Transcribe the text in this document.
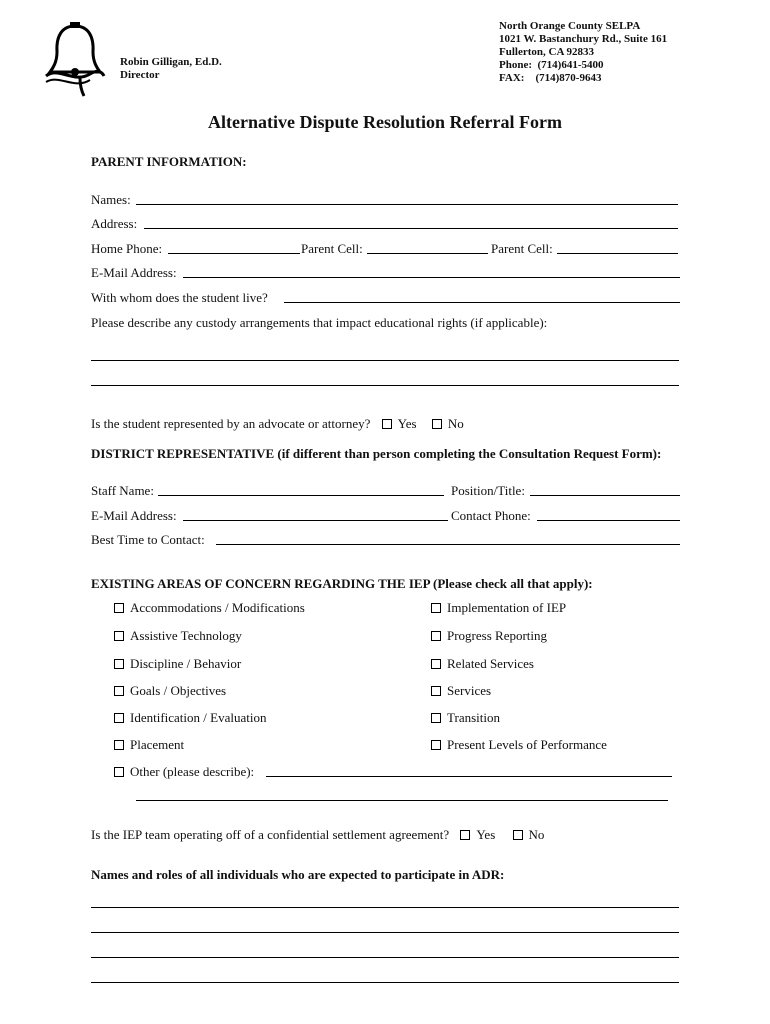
Robin Gilligan, Ed.D.
Director
North Orange County SELPA
1021 W. Bastanchury Rd., Suite 161
Fullerton, CA 92833
Phone:  (714)641-5400
FAX:    (714)870-9643
Alternative Dispute Resolution Referral Form
PARENT INFORMATION:
Names:
Address:
Home Phone:	Parent Cell:	Parent Cell:
E-Mail Address:
With whom does the student live?
Please describe any custody arrangements that impact educational rights (if applicable):
Is the student represented by an advocate or attorney? Yes No
DISTRICT REPRESENTATIVE (if different than person completing the Consultation Request Form):
Staff Name:	Position/Title:
E-Mail Address:	Contact Phone:
Best Time to Contact:
EXISTING AREAS OF CONCERN REGARDING THE IEP (Please check all that apply):
Accommodations / Modifications
Assistive Technology
Discipline / Behavior
Goals / Objectives
Identification / Evaluation
Placement
Implementation of IEP
Progress Reporting
Related Services
Services
Transition
Present Levels of Performance
Other (please describe):
Is the IEP team operating off of a confidential settlement agreement? Yes	No
Names and roles of all individuals who are expected to participate in ADR:
